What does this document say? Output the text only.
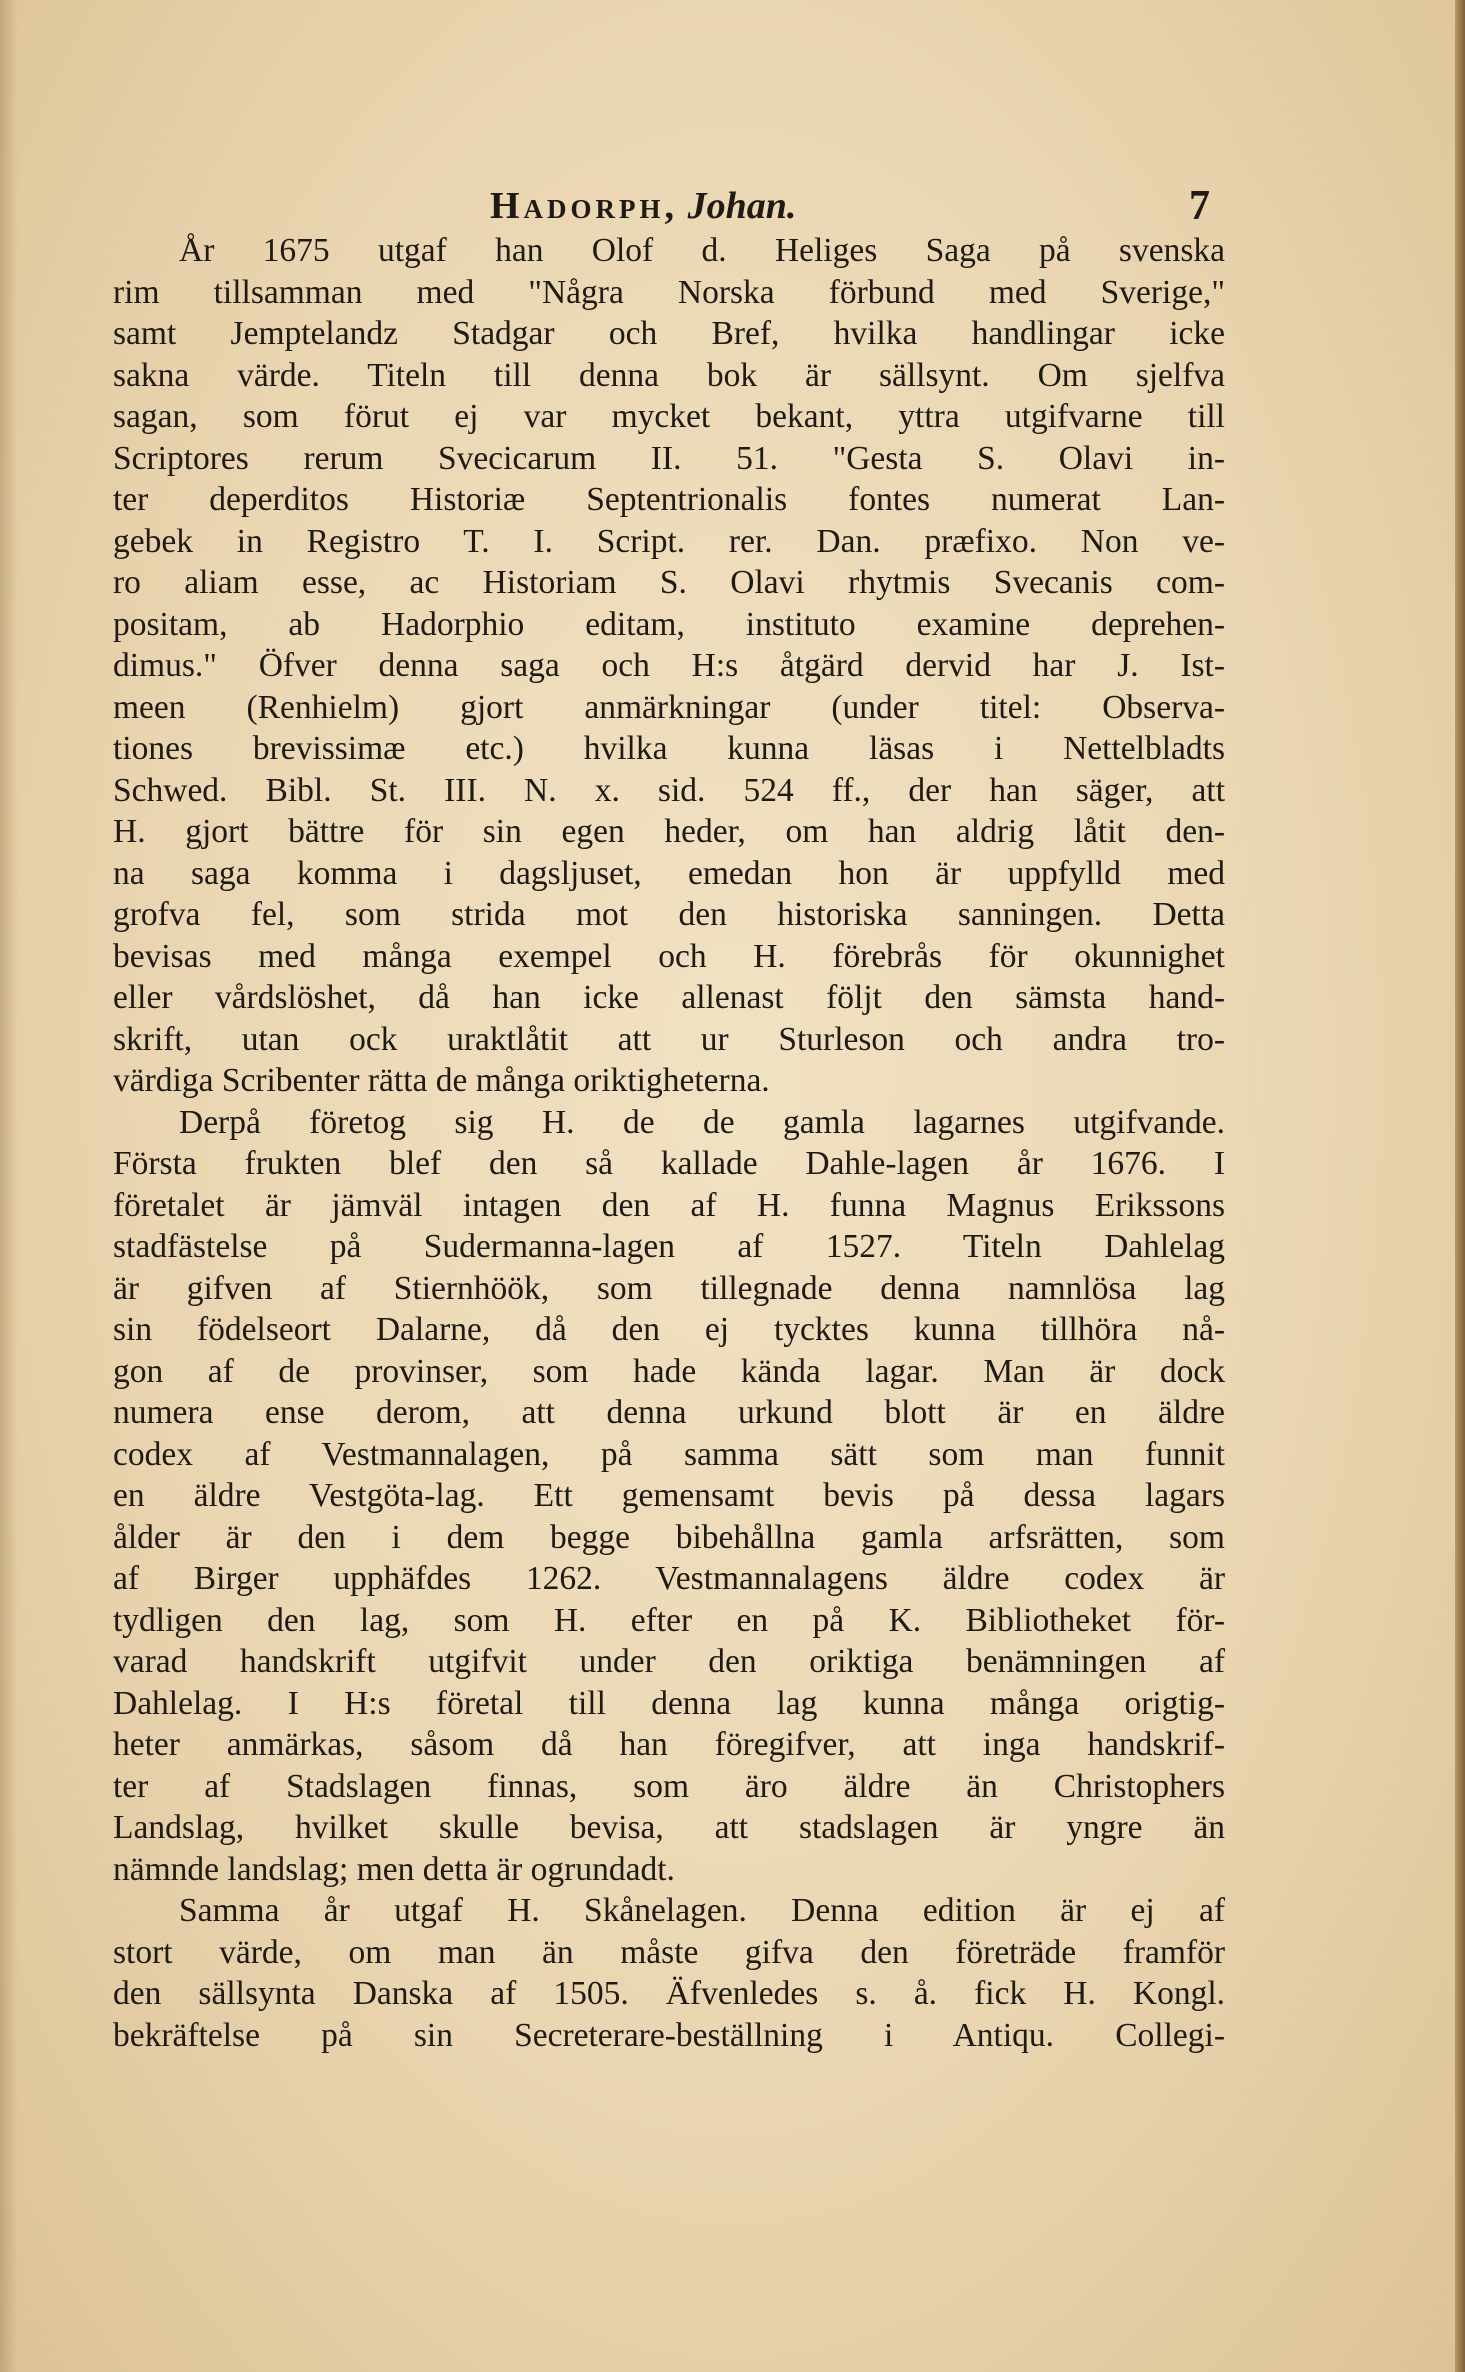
Hadorph, Johan.	7
År 1675 utgaf han Olof d. Heliges Saga på svenska
rim tillsamman med "Några Norska förbund med Sverige,"
samt Jemptelandz Stadgar och Bref, hvilka handlingar icke
sakna värde. Titeln till denna bok är sällsynt. Om sjelfva
sagan, som förut ej var mycket bekant, yttra utgifvarne till
Scriptores rerum Svecicarum II. 51. "Gesta S. Olavi in-
ter deperditos Historiæ Septentrionalis fontes numerat Lan-
gebek in Registro T. I. Script. rer. Dan. præfixo. Non ve-
ro aliam esse, ac Historiam S. Olavi rhytmis Svecanis com-
positam, ab Hadorphio editam, instituto examine deprehen-
dimus." Öfver denna saga och H:s åtgärd dervid har J. Ist-
meen (Renhielm) gjort anmärkningar (under titel: Observa-
tiones brevissimæ etc.) hvilka kunna läsas i Nettelbladts
Schwed. Bibl. St. III. N. x. sid. 524 ff., der han säger, att
H. gjort bättre för sin egen heder, om han aldrig låtit den-
na saga komma i dagsljuset, emedan hon är uppfylld med
grofva fel, som strida mot den historiska sanningen. Detta
bevisas med många exempel och H. förebrås för okunnighet
eller vårdslöshet, då han icke allenast följt den sämsta hand-
skrift, utan ock uraktlåtit att ur Sturleson och andra tro-
värdiga Scribenter rätta de många oriktigheterna.
Derpå företog sig H. de de gamla lagarnes utgifvande.
Första frukten blef den så kallade Dahle-lagen år 1676. I
företalet är jämväl intagen den af H. funna Magnus Erikssons
stadfästelse på Sudermanna-lagen af 1527. Titeln Dahlelag
är gifven af Stiernhöök, som tillegnade denna namnlösa lag
sin födelseort Dalarne, då den ej tycktes kunna tillhöra nå-
gon af de provinser, som hade kända lagar. Man är dock
numera ense derom, att denna urkund blott är en äldre
codex af Vestmannalagen, på samma sätt som man funnit
en äldre Vestgöta-lag. Ett gemensamt bevis på dessa lagars
ålder är den i dem begge bibehållna gamla arfsrätten, som
af Birger upphäfdes 1262. Vestmannalagens äldre codex är
tydligen den lag, som H. efter en på K. Bibliotheket för-
varad handskrift utgifvit under den oriktiga benämningen af
Dahlelag. I H:s företal till denna lag kunna många origtig-
heter anmärkas, såsom då han föregifver, att inga handskrif-
ter af Stadslagen finnas, som äro äldre än Christophers
Landslag, hvilket skulle bevisa, att stadslagen är yngre än
nämnde landslag; men detta är ogrundadt.
Samma år utgaf H. Skånelagen. Denna edition är ej af
stort värde, om man än måste gifva den företräde framför
den sällsynta Danska af 1505. Äfvenledes s. å. fick H. Kongl.
bekräftelse på sin Secreterare-beställning i Antiqu. Collegi-
